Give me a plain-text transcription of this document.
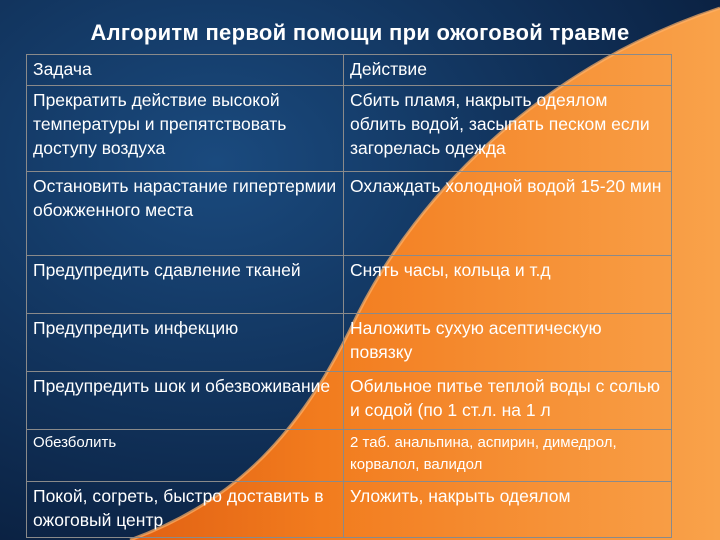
Алгоритм первой помощи при ожоговой травме
Задача	Действие
Прекратить действие высокой температуры и препятствовать доступу воздуха	Сбить пламя, накрыть одеялом облить водой, засыпать песком если загорелась одежда
Остановить нарастание гипертермии обожженного места	Охлаждать холодной водой 15-20 мин
Предупредить сдавление тканей	Снять часы, кольца и т.д
Предупредить инфекцию	Наложить сухую асептическую повязку
Предупредить шок и обезвоживание	Обильное питье теплой воды с солью и содой (по 1 ст.л. на 1 л
Обезболить	2 таб. анальпина, аспирин, димедрол, корвалол, валидол
Покой, согреть, быстро доставить в ожоговый центр	Уложить, накрыть одеялом
